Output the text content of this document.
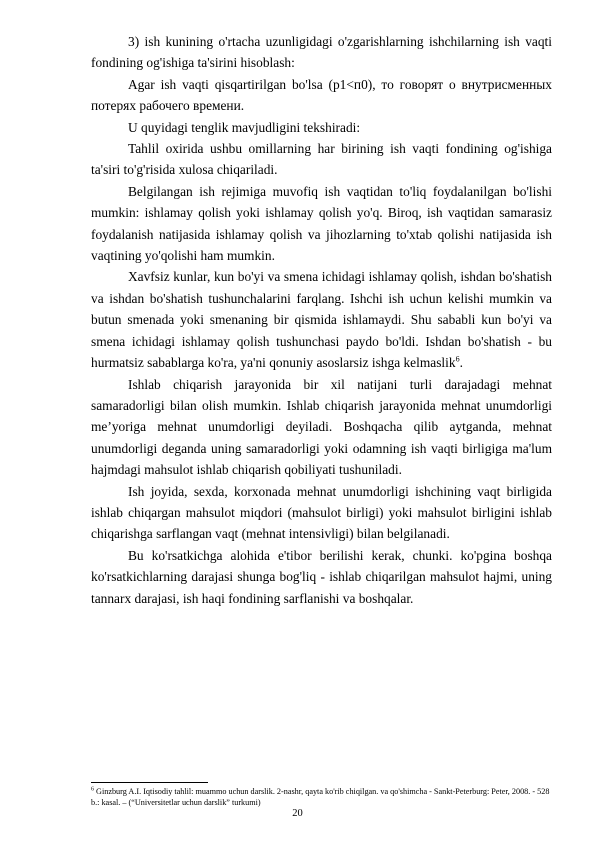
3) ish kunining o'rtacha uzunligidagi o'zgarishlarning ishchilarning ish vaqti fondining og'ishiga ta'sirini hisoblash:

Agar ish vaqti qisqartirilgan bo'lsa (p1<п0), то говорят о внутрисменных потерях рабочего времени.

U quyidagi tenglik mavjudligini tekshiradi:

Tahlil oxirida ushbu omillarning har birining ish vaqti fondining og'ishiga ta'siri to'g'risida xulosa chiqariladi.

Belgilangan ish rejimiga muvofiq ish vaqtidan to'liq foydalanilgan bo'lishi mumkin: ishlamay qolish yoki ishlamay qolish yo'q. Biroq, ish vaqtidan samarasiz foydalanish natijasida ishlamay qolish va jihozlarning to'xtab qolishi natijasida ish vaqtining yo'qolishi ham mumkin.

Xavfsiz kunlar, kun bo'yi va smena ichidagi ishlamay qolish, ishdan bo'shatish va ishdan bo'shatish tushunchalarini farqlang. Ishchi ish uchun kelishi mumkin va butun smenada yoki smenaning bir qismida ishlamaydi. Shu sababli kun bo'yi va smena ichidagi ishlamay qolish tushunchasi paydo bo'ldi. Ishdan bo'shatish - bu hurmatsiz sabablarga ko'ra, ya'ni qonuniy asoslarsiz ishga kelmaslik$^6$.

Ishlab chiqarish jarayonida bir xil natijani turli darajadagi mehnat samaradorligi bilan olish mumkin. Ishlab chiqarish jarayonida mehnat unumdorligi me’yoriga mehnat unumdorligi deyiladi. Boshqacha qilib aytganda, mehnat unumdorligi deganda uning samaradorligi yoki odamning ish vaqti birligiga ma'lum hajmdagi mahsulot ishlab chiqarish qobiliyati tushuniladi.

Ish joyida, sexda, korxonada mehnat unumdorligi ishchining vaqt birligida ishlab chiqargan mahsulot miqdori (mahsulot birligi) yoki mahsulot birligini ishlab chiqarishga sarflangan vaqt (mehnat intensivligi) bilan belgilanadi.

Bu ko'rsatkichga alohida e'tibor berilishi kerak, chunki. ko'pgina boshqa ko'rsatkichlarning darajasi shunga bog'liq - ishlab chiqarilgan mahsulot hajmi, uning tannarx darajasi, ish haqi fondining sarflanishi va boshqalar.

$^6$ Ginzburg A.I. Iqtisodiy tahlil: muammo uchun darslik. 2-nashr, qayta ko'rib chiqilgan. va qo'shimcha - Sankt-Peterburg: Peter, 2008. - 528 b.: kasal. – (“Universitetlar uchun darslik” turkumi)

20
